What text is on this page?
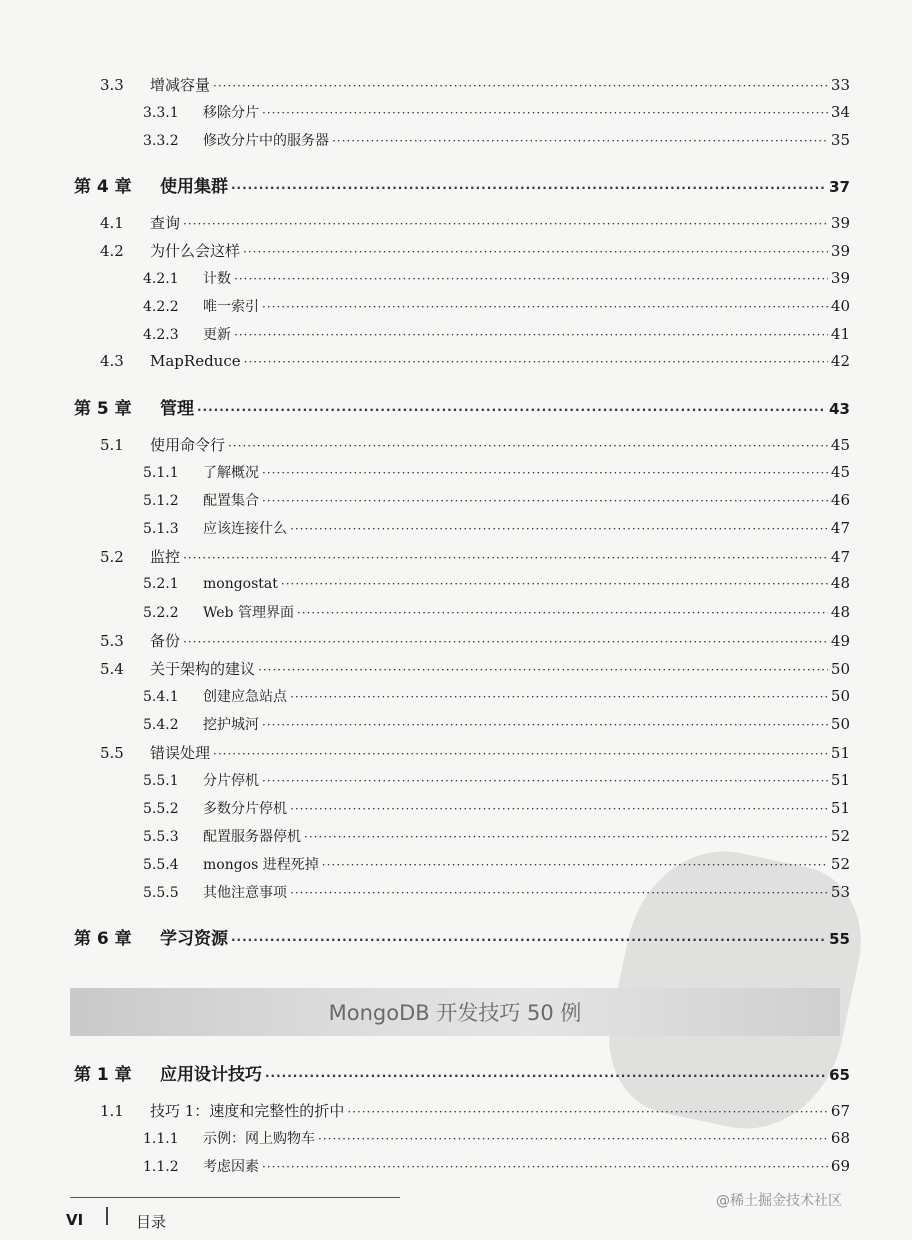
3.3	增减容量 ·····	33
3.3.1	移除分片 ·····	34
3.3.2	修改分片中的服务器 ·····	35
第 4 章	使用集群 ·····	37
4.1	查询 ·····	39
4.2	为什么会这样 ·····	39
4.2.1	计数 ·····	39
4.2.2	唯一索引 ·····	40
4.2.3	更新 ·····	41
4.3	MapReduce ·····	42
第 5 章	管理 ·····	43
5.1	使用命令行 ·····	45
5.1.1	了解概况 ·····	45
5.1.2	配置集合 ·····	46
5.1.3	应该连接什么 ·····	47
5.2	监控 ·····	47
5.2.1	mongostat ·····	48
5.2.2	Web 管理界面 ·····	48
5.3	备份 ·····	49
5.4	关于架构的建议 ·····	50
5.4.1	创建应急站点 ·····	50
5.4.2	挖护城河 ·····	50
5.5	错误处理 ·····	51
5.5.1	分片停机 ·····	51
5.5.2	多数分片停机 ·····	51
5.5.3	配置服务器停机 ·····	52
5.5.4	mongos 进程死掉 ·····	52
5.5.5	其他注意事项 ·····	53
第 6 章	学习资源 ·····	55
MongoDB 开发技巧 50 例
第 1 章	应用设计技巧 ·····	65
1.1	技巧 1：速度和完整性的折中 ·····	67
1.1.1	示例：网上购物车 ·····	68
1.1.2	考虑因素 ·····	69
VI	目录
@稀土掘金技术社区
